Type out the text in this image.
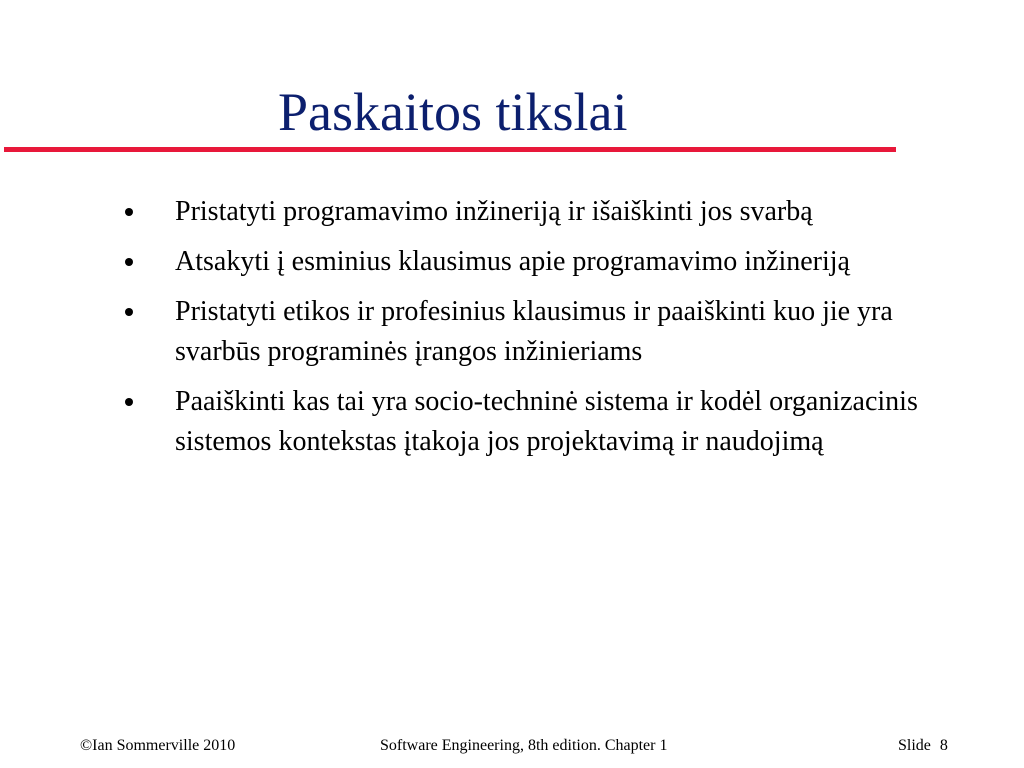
Paskaitos tikslai
Pristatyti programavimo inžineriją ir išaiškinti jos svarbą
Atsakyti į esminius klausimus apie programavimo inžineriją
Pristatyti etikos ir profesinius klausimus ir paaiškinti kuo jie yra svarbūs programinės įrangos inžinieriams
Paaiškinti kas tai yra socio-techninė sistema ir kodėl organizacinis sistemos kontekstas įtakoja jos projektavimą ir naudojimą
©Ian Sommerville 2010	Software Engineering, 8th edition. Chapter 1	Slide 8
